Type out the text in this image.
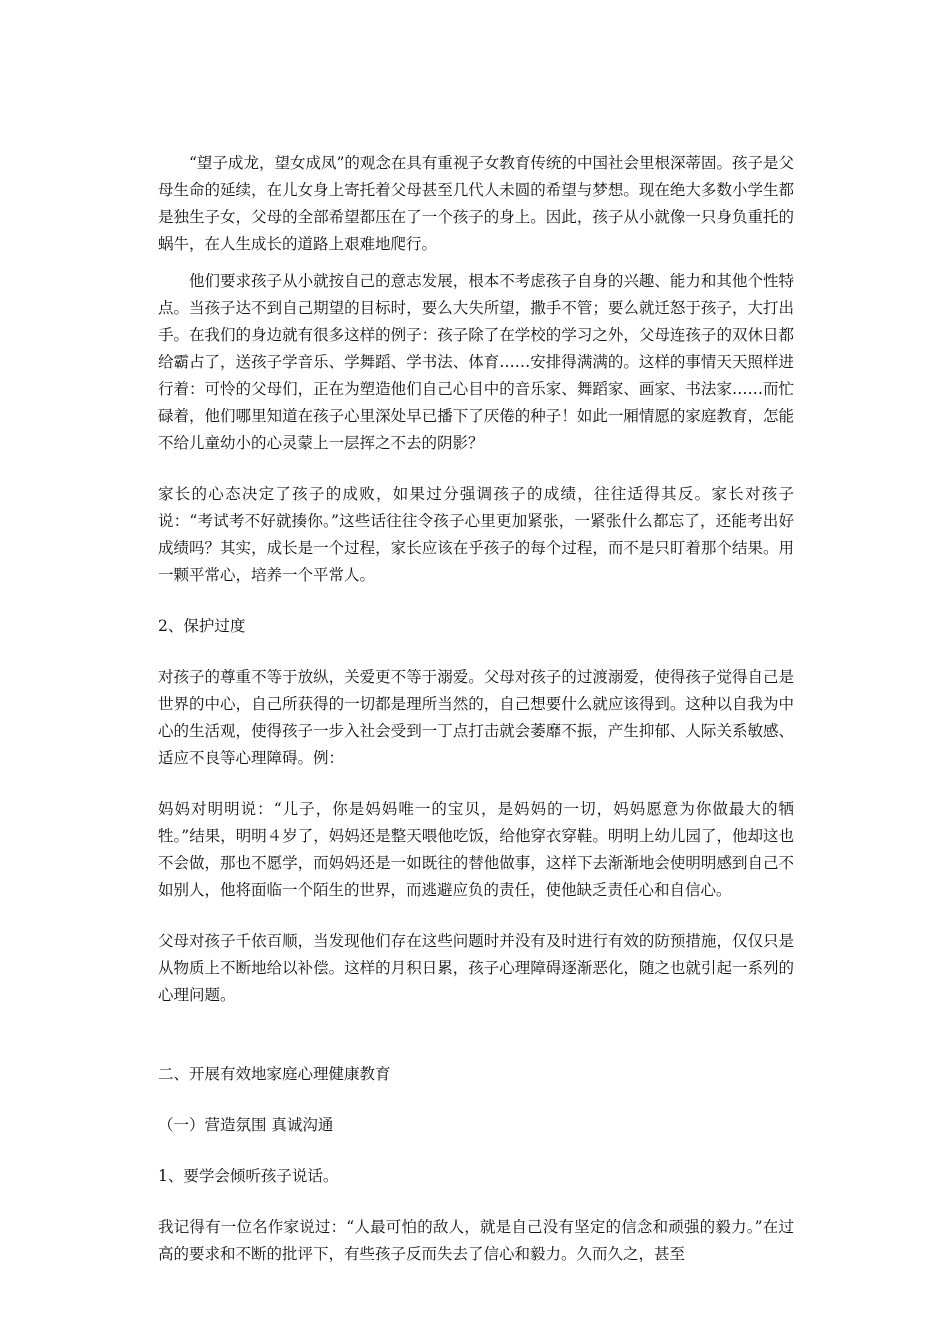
“望子成龙，望女成凤”的观念在具有重视子女教育传统的中国社会里根深蒂固。孩子是父母生命的延续，在儿女身上寄托着父母甚至几代人未圆的希望与梦想。现在绝大多数小学生都是独生子女，父母的全部希望都压在了一个孩子的身上。因此，孩子从小就像一只身负重托的蜗牛，在人生成长的道路上艰难地爬行。

他们要求孩子从小就按自己的意志发展，根本不考虑孩子自身的兴趣、能力和其他个性特点。当孩子达不到自己期望的目标时，要么大失所望，撒手不管；要么就迁怒于孩子，大打出手。在我们的身边就有很多这样的例子：孩子除了在学校的学习之外，父母连孩子的双休日都给霸占了，送孩子学音乐、学舞蹈、学书法、体育……安排得满满的。这样的事情天天照样进行着：可怜的父母们，正在为塑造他们自己心目中的音乐家、舞蹈家、画家、书法家……而忙碌着，他们哪里知道在孩子心里深处早已播下了厌倦的种子！如此一厢情愿的家庭教育，怎能不给儿童幼小的心灵蒙上一层挥之不去的阴影？

家长的心态决定了孩子的成败，如果过分强调孩子的成绩，往往适得其反。家长对孩子说：“考试考不好就揍你。”这些话往往令孩子心里更加紧张，一紧张什么都忘了，还能考出好成绩吗？其实，成长是一个过程，家长应该在乎孩子的每个过程，而不是只盯着那个结果。用一颗平常心，培养一个平常人。

2、保护过度

对孩子的尊重不等于放纵，关爱更不等于溺爱。父母对孩子的过渡溺爱，使得孩子觉得自己是世界的中心，自己所获得的一切都是理所当然的，自己想要什么就应该得到。这种以自我为中心的生活观，使得孩子一步入社会受到一丁点打击就会萎靡不振，产生抑郁、人际关系敏感、适应不良等心理障碍。例：

妈妈对明明说：“儿子，你是妈妈唯一的宝贝，是妈妈的一切，妈妈愿意为你做最大的牺牲。”结果，明明４岁了，妈妈还是整天喂他吃饭，给他穿衣穿鞋。明明上幼儿园了，他却这也不会做，那也不愿学，而妈妈还是一如既往的替他做事，这样下去渐渐地会使明明感到自己不如别人，他将面临一个陌生的世界，而逃避应负的责任，使他缺乏责任心和自信心。

父母对孩子千依百顺，当发现他们存在这些问题时并没有及时进行有效的防预措施，仅仅只是从物质上不断地给以补偿。这样的月积日累，孩子心理障碍逐渐恶化，随之也就引起一系列的心理问题。

二、开展有效地家庭心理健康教育

（一）营造氛围 真诚沟通

1、要学会倾听孩子说话。

我记得有一位名作家说过：“人最可怕的敌人，就是自己没有坚定的信念和顽强的毅力。”在过高的要求和不断的批评下，有些孩子反而失去了信心和毅力。久而久之，甚至
